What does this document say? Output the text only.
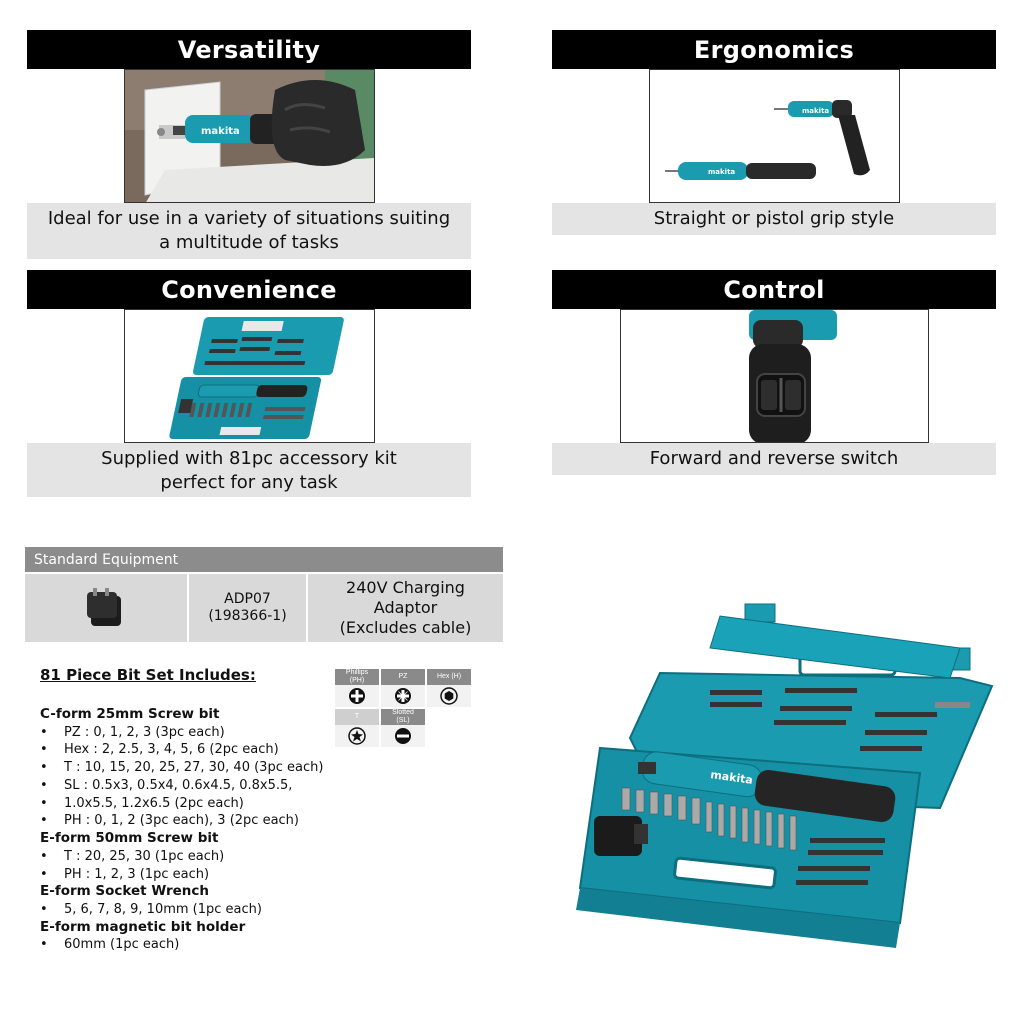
Versatility
makita
Ideal for use in a variety of situations suiting
a multitude of tasks
Ergonomics
makita
makita
Straight or pistol grip style
Convenience
Supplied with 81pc accessory kit
perfect for any task
Control
Forward and reverse switch
Standard Equipment
ADP07
(198366-1)
240V Charging
Adaptor
(Excludes cable)
81 Piece Bit Set Includes:
C-form 25mm Screw bit
• PZ : 0, 1, 2, 3 (3pc each)
• Hex : 2, 2.5, 3, 4, 5, 6 (2pc each)
• T : 10, 15, 20, 25, 27, 30, 40 (3pc each)
• SL : 0.5x3, 0.5x4, 0.6x4.5, 0.8x5.5,
• 1.0x5.5, 1.2x6.5 (2pc each)
• PH : 0, 1, 2 (3pc each), 3 (2pc each)
E-form 50mm Screw bit
• T : 20, 25, 30 (1pc each)
• PH : 1, 2, 3 (1pc each)
E-form Socket Wrench
• 5, 6, 7, 8, 9, 10mm (1pc each)
E-form magnetic bit holder
• 60mm (1pc each)
Phillips
(PH)
PZ	Hex (H)
T
Slotted
(SL)
makita
